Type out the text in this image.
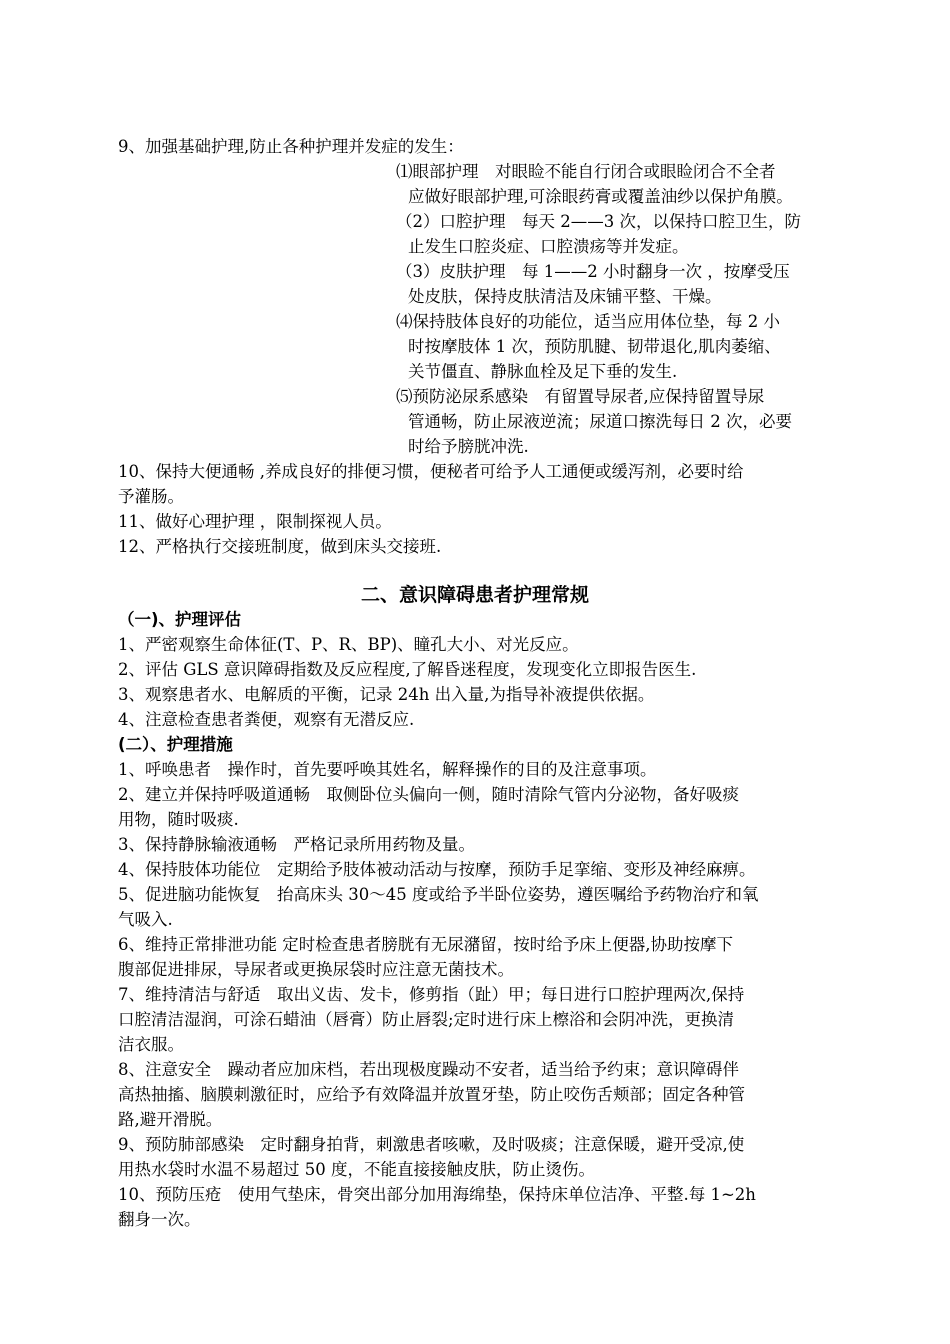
9、加强基础护理,防止各种护理并发症的发生：
⑴眼部护理　对眼睑不能自行闭合或眼睑闭合不全者
应做好眼部护理,可涂眼药膏或覆盖油纱以保护角膜。
（2）口腔护理　每天 2——3 次，以保持口腔卫生，防
止发生口腔炎症、口腔溃疡等并发症。
（3）皮肤护理　每 1——2 小时翻身一次 ，按摩受压
处皮肤，保持皮肤清洁及床铺平整、干燥。
⑷保持肢体良好的功能位，适当应用体位垫，每 2 小
时按摩肢体 1 次，预防肌腱、韧带退化,肌肉萎缩、
关节僵直、静脉血栓及足下垂的发生.
⑸预防泌尿系感染　有留置导尿者,应保持留置导尿
管通畅，防止尿液逆流；尿道口擦洗每日 2 次，必要
时给予膀胱冲洗.
10、保持大便通畅 ,养成良好的排便习惯，便秘者可给予人工通便或缓泻剂，必要时给
予灌肠。
11、做好心理护理 ，限制探视人员。
12、严格执行交接班制度，做到床头交接班.
二、意识障碍患者护理常规
（一)、护理评估
1、严密观察生命体征(T、P、R、BP)、瞳孔大小、对光反应。
2、评估 GLS 意识障碍指数及反应程度,了解昏迷程度，发现变化立即报告医生.
3、观察患者水、电解质的平衡，记录 24h 出入量,为指导补液提供依据。
4、注意检查患者粪便，观察有无潜反应.
(二）、护理措施
1、呼唤患者　操作时，首先要呼唤其姓名，解释操作的目的及注意事项。
2、建立并保持呼吸道通畅　取侧卧位头偏向一侧，随时清除气管内分泌物，备好吸痰
用物，随时吸痰.
3、保持静脉输液通畅　严格记录所用药物及量。
4、保持肢体功能位　定期给予肢体被动活动与按摩，预防手足挛缩、变形及神经麻痹。
5、促进脑功能恢复　抬高床头 30～45 度或给予半卧位姿势，遵医嘱给予药物治疗和氧
气吸入.
6、维持正常排泄功能 定时检查患者膀胱有无尿潴留，按时给予床上便器,协助按摩下
腹部促进排尿，导尿者或更换尿袋时应注意无菌技术。
7、维持清洁与舒适　取出义齿、发卡，修剪指（趾）甲；每日进行口腔护理两次,保持
口腔清洁湿润，可涂石蜡油（唇膏）防止唇裂;定时进行床上檫浴和会阴冲洗，更换清
洁衣服。
8、注意安全　躁动者应加床档，若出现极度躁动不安者，适当给予约束；意识障碍伴
高热抽搐、脑膜刺激征时，应给予有效降温并放置牙垫，防止咬伤舌颊部；固定各种管
路,避开滑脱。
9、预防肺部感染　定时翻身拍背，刺激患者咳嗽，及时吸痰；注意保暖，避开受凉,使
用热水袋时水温不易超过 50 度，不能直接接触皮肤，防止烫伤。
10、预防压疮　使用气垫床，骨突出部分加用海绵垫，保持床单位洁净、平整.每 1~2h
翻身一次。
